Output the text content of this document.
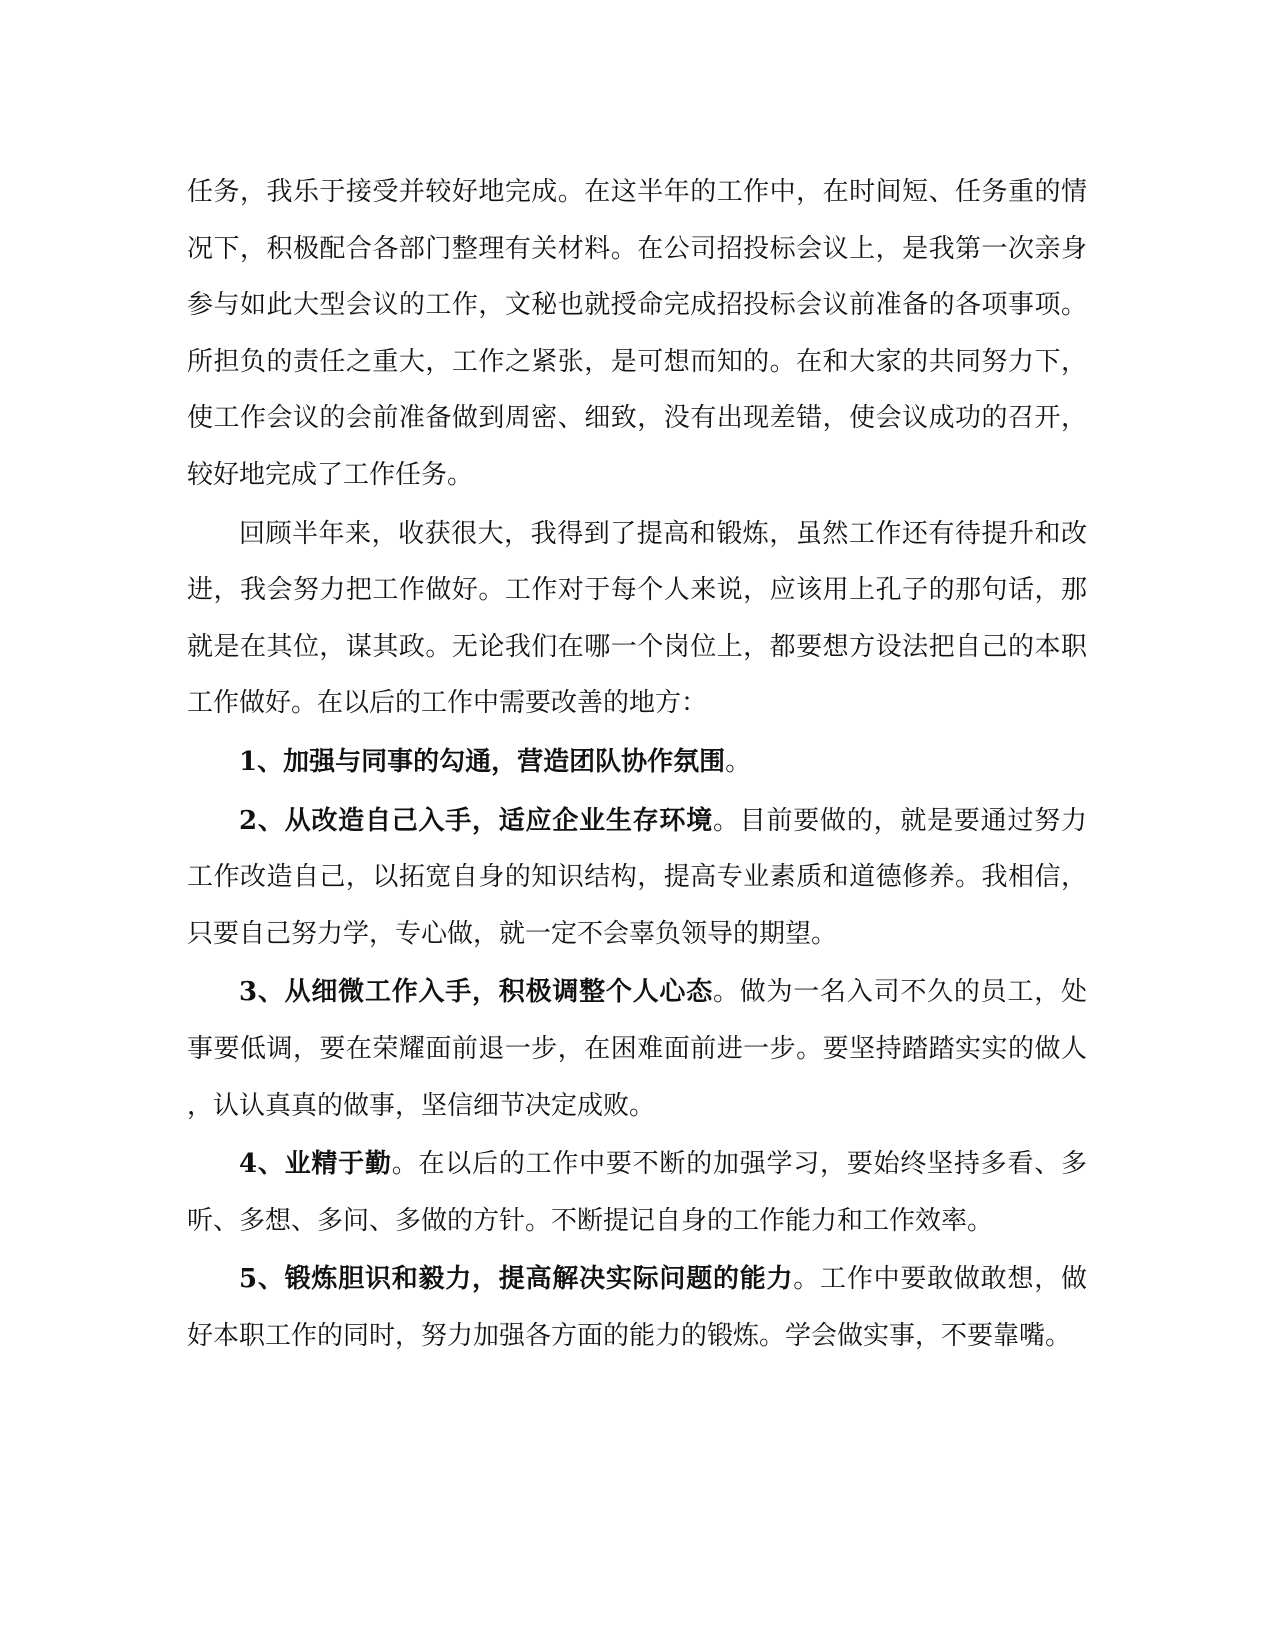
任务，我乐于接受并较好地完成。在这半年的工作中，在时间短、任务重的情况下，积极配合各部门整理有关材料。在公司招投标会议上，是我第一次亲身参与如此大型会议的工作，文秘也就授命完成招投标会议前准备的各项事项。所担负的责任之重大，工作之紧张，是可想而知的。在和大家的共同努力下，使工作会议的会前准备做到周密、细致，没有出现差错，使会议成功的召开，较好地完成了工作任务。

回顾半年来，收获很大，我得到了提高和锻炼，虽然工作还有待提升和改进，我会努力把工作做好。工作对于每个人来说，应该用上孔子的那句话，那就是在其位，谋其政。无论我们在哪一个岗位上，都要想方设法把自己的本职工作做好。在以后的工作中需要改善的地方：

1、加强与同事的勾通，营造团队协作氛围。

2、从改造自己入手，适应企业生存环境。目前要做的，就是要通过努力工作改造自己，以拓宽自身的知识结构，提高专业素质和道德修养。我相信，只要自己努力学，专心做，就一定不会辜负领导的期望。

3、从细微工作入手，积极调整个人心态。做为一名入司不久的员工，处事要低调，要在荣耀面前退一步，在困难面前进一步。要坚持踏踏实实的做人，认认真真的做事，坚信细节决定成败。

4、业精于勤。在以后的工作中要不断的加强学习，要始终坚持多看、多听、多想、多问、多做的方针。不断提记自身的工作能力和工作效率。

5、锻炼胆识和毅力，提高解决实际问题的能力。工作中要敢做敢想，做好本职工作的同时，努力加强各方面的能力的锻炼。学会做实事，不要靠嘴。
